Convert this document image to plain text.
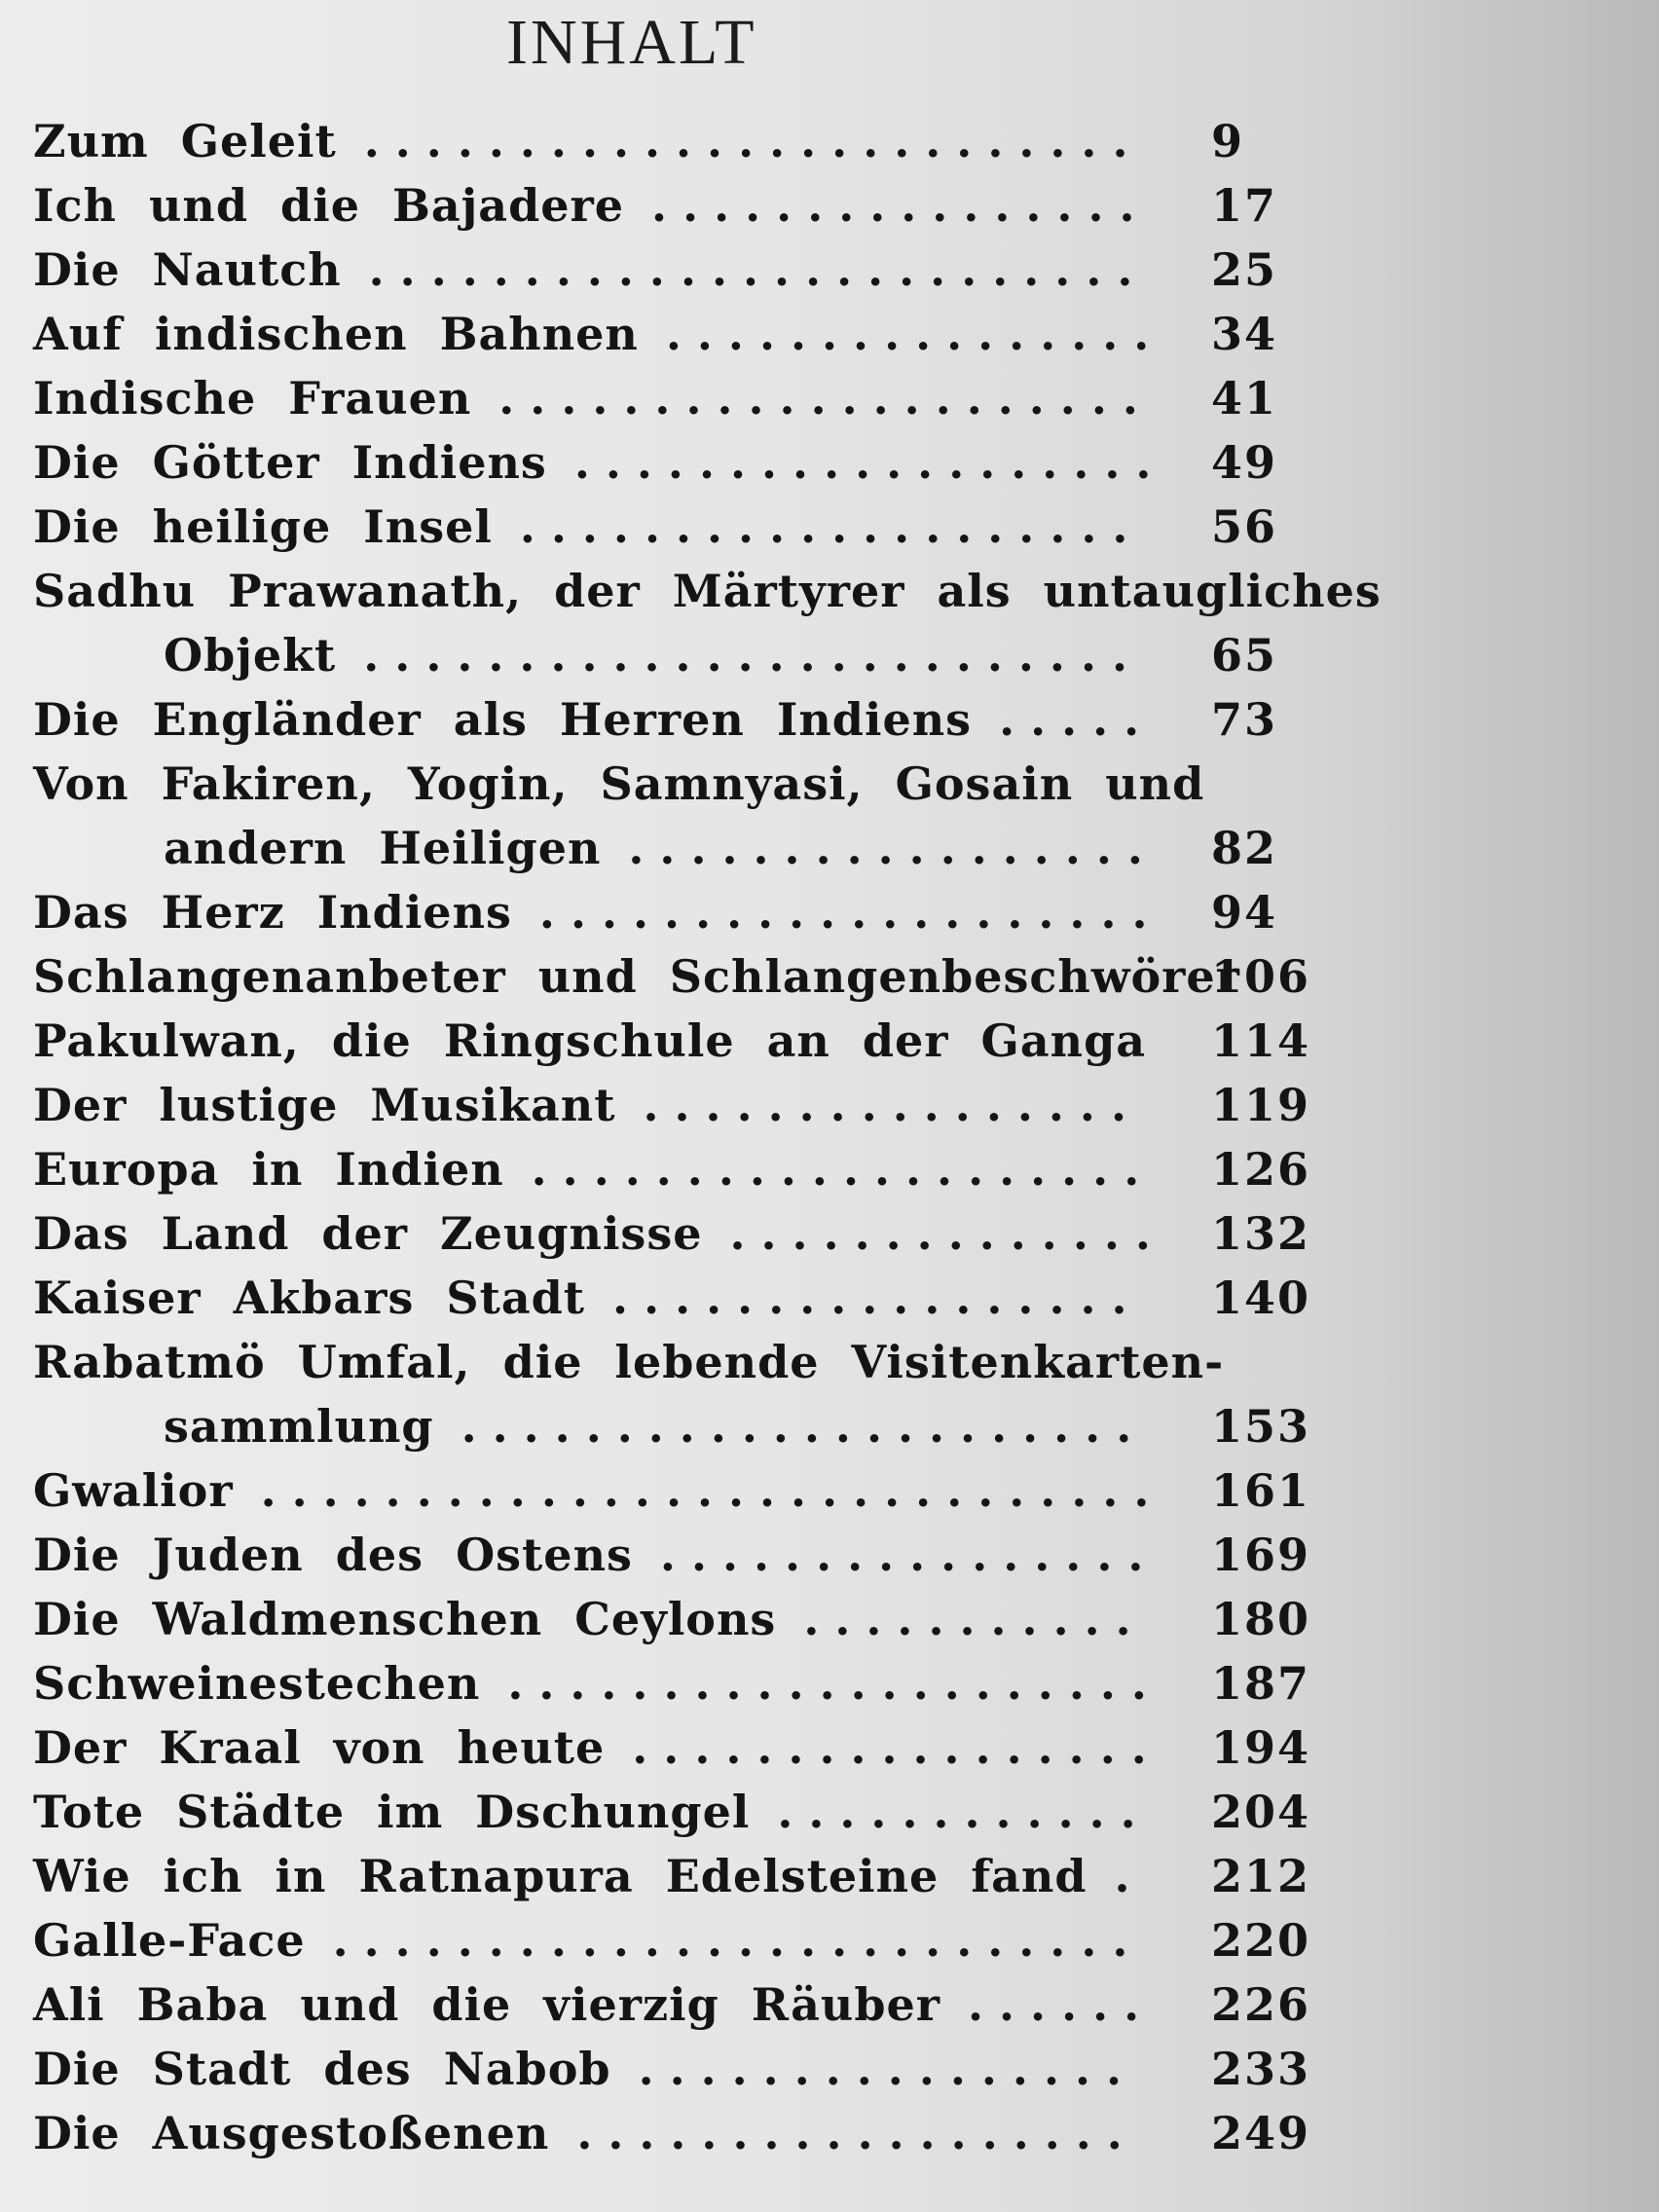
INHALT
Zum Geleit . . . . . . . . . . . . . . . . . . . . . . . . .	9
Ich und die Bajadere . . . . . . . . . . . . . . . .	17
Die Nautch . . . . . . . . . . . . . . . . . . . . . . . . .	25
Auf indischen Bahnen . . . . . . . . . . . . . . . . 34
Indische Frauen . . . . . . . . . . . . . . . . . . . . .	41
Die Götter Indiens . . . . . . . . . . . . . . . . . . . 49
Die heilige Insel . . . . . . . . . . . . . . . . . . . .	56
Sadhu Prawanath, der Märtyrer als untaugliches
Objekt . . . . . . . . . . . . . . . . . . . . . . . . .	65
Die Engländer als Herren Indiens . . . . .	73
Von Fakiren, Yogin, Samnyasi, Gosain und
andern Heiligen . . . . . . . . . . . . . . . . .	82
Das Herz Indiens . . . . . . . . . . . . . . . . . . . .	94
Schlangenanbeter und Schlangenbeschwörer
106
Pakulwan, die Ringschule an der Ganga	114
Der lustige Musikant . . . . . . . . . . . . . . . .	119
Europa in Indien . . . . . . . . . . . . . . . . . . . .	126
Das Land der Zeugnisse . . . . . . . . . . . . . . 132
Kaiser Akbars Stadt . . . . . . . . . . . . . . . . .	140
Rabatmö Umfal, die lebende Visitenkarten-
sammlung . . . . . . . . . . . . . . . . . . . . . .	153
Gwalior . . . . . . . . . . . . . . . . . . . . . . . . . . . . . 161
Die Juden des Ostens . . . . . . . . . . . . . . . .	169
Die Waldmenschen Ceylons . . . . . . . . . . .	180
Schweinestechen . . . . . . . . . . . . . . . . . . . . .	187
Der Kraal von heute . . . . . . . . . . . . . . . . .	194
Tote Städte im Dschungel . . . . . . . . . . . .	204
Wie ich in Ratnapura Edelsteine fand .	212
Galle-Face . . . . . . . . . . . . . . . . . . . . . . . . . .	220
Ali Baba und die vierzig Räuber . . . . . .	226
Die Stadt des Nabob . . . . . . . . . . . . . . . .	233
Die Ausgestoßenen . . . . . . . . . . . . . . . . . .	249
